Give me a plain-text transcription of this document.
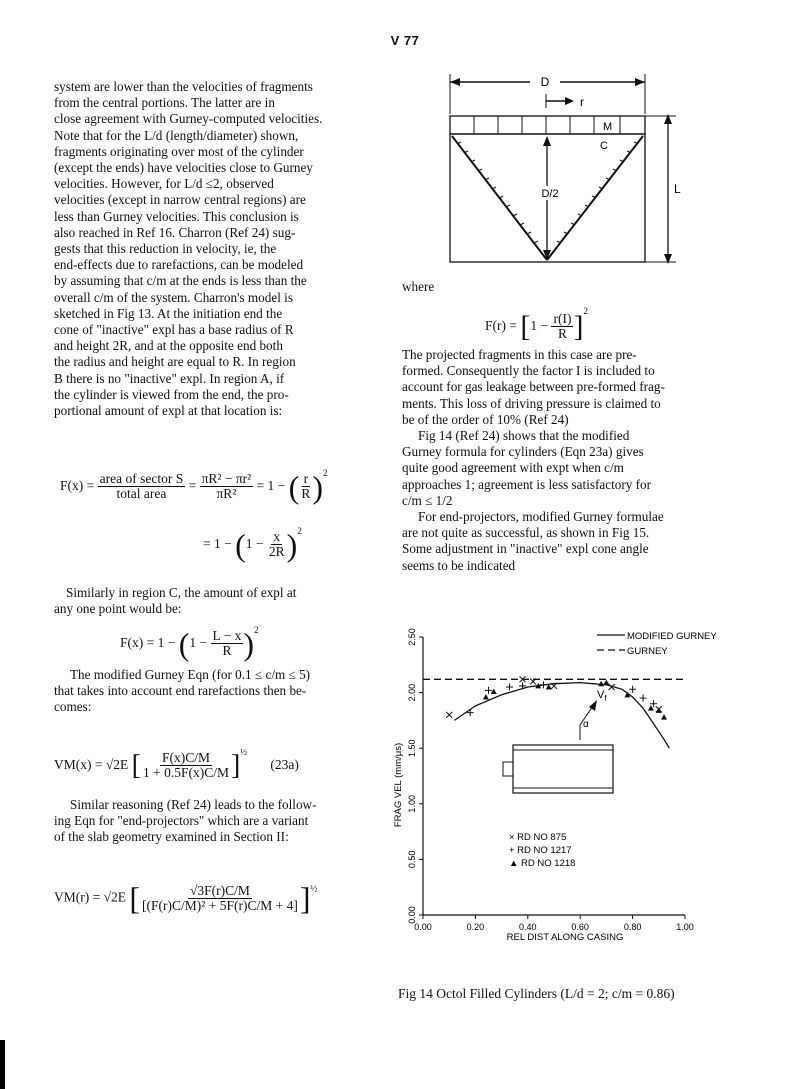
V 77

system are lower than the velocities of fragments

from the central portions. The latter are in

close agreement with Gurney-computed velocities.

Note that for the L/d (length/diameter) shown,

fragments originating over most of the cylinder

(except the ends) have velocities close to Gurney

velocities. However, for L/d ≤2, observed

velocities (except in narrow central regions) are

less than Gurney velocities. This conclusion is

also reached in Ref 16. Charron (Ref 24) sug-

gests that this reduction in velocity, ie, the

end-effects due to rarefactions, can be modeled

by assuming that c/m at the ends is less than the

overall c/m of the system. Charron's model is

sketched in Fig 13. At the initiation end the

cone of "inactive" expl has a base radius of R

and height 2R, and at the opposite end both

the radius and height are equal to R. In region

B there is no "inactive" expl. In region A, if

the cylinder is viewed from the end, the pro-

portional amount of expl at that location is:

$F(x) = \frac{\text{area of sector S}}{\text{total area}} = \frac{\text{πR² − πr²}}{\text{πR²}} = 1$ − ( $\frac{r}{R} )^2$
= $1 - (1 - \frac{x}{2R} )^2$

Similarly in region C, the amount of expl at

any one point would be:

$F(x) = 1 - (1 - \frac{L - x}{R} )^2$

The modified Gurney Eqn (for 0.1 ≤ c/m ≤ 5)

that takes into account end rarefactions then be-

comes:

VM(x) = √2E [ $\frac{F(x)C/M}{1 + 0.5F(x)C/M} ]^{\frac{1}{2}}$ (23a)

Similar reasoning (Ref 24) leads to the follow-

ing Eqn for "end-projectors" which are a variant

of the slab geometry examined in Section II:

VM(r) = √2E [ $\frac{√3F(r)C/M}{\text{[(F(r)C/M)² + 5F(r)C/M + 4]}} ]^{\frac{1}{2}}$
D
r
M
C
D/2	L

where

$F(r) = [1 - \frac{r(I)}{R} ]^2$

The projected fragments in this case are pre-

formed. Consequently the factor I is included to

account for gas leakage between pre-formed frag-

ments. This loss of driving pressure is claimed to

be of the order of 10% (Ref 24)

Fig 14 (Ref 24) shows that the modified

Gurney formula for cylinders (Eqn 23a) gives

quite good agreement with expt when c/m

approaches 1; agreement is less satisfactory for

c/m ≤ 1/2

For end-projectors, modified Gurney formulae

are not quite as successful, as shown in Fig 15.

Some adjustment in "inactive" expl cone angle

seems to be indicated

0.00	0.20	0.40	0.60	0.80	1.00
0.00
0.50
1.00
1.50
2.00
2.50
α
$V_f$
MODIFIED GURNEY
GURNEY
× RD NO 875
+ RD NO 1217
▲ RD NO 1218
REL DIST ALONG CASING
FRAG VEL (mm/μs)
Fig 14 Octol Filled Cylinders (L/d = 2; c/m = 0.86)
